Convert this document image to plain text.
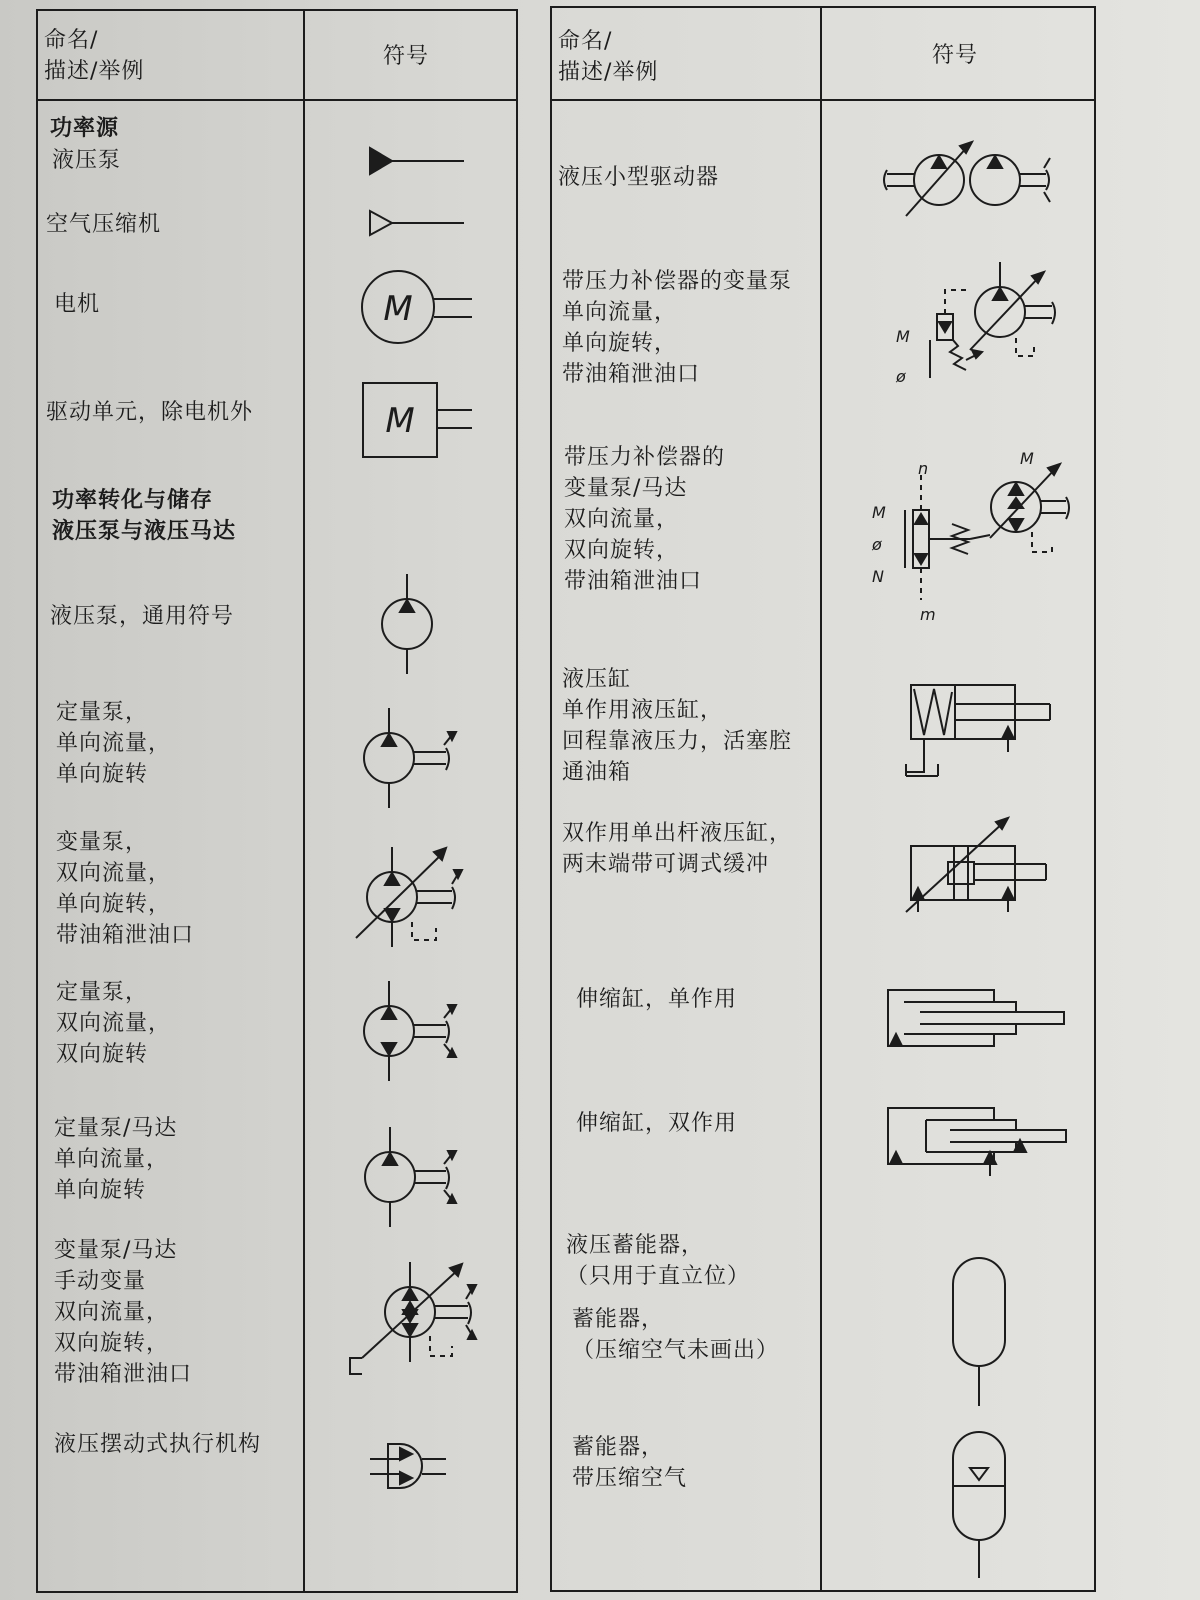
命名/
描述/举例
符号
功率源
液压泵
空气压缩机
电机
驱动单元，除电机外
功率转化与储存
液压泵与液压马达
液压泵，通用符号
定量泵，
单向流量，
单向旋转
变量泵，
双向流量，
单向旋转，
带油箱泄油口
定量泵，
双向流量，
双向旋转
定量泵/马达
单向流量，
单向旋转
变量泵/马达
手动变量
双向流量，
双向旋转，
带油箱泄油口
液压摆动式执行机构
M
M
命名/
描述/举例
符号
液压小型驱动器
带压力补偿器的变量泵
单向流量，
单向旋转，
带油箱泄油口
带压力补偿器的
变量泵/马达
双向流量，
双向旋转，
带油箱泄油口
液压缸
单作用液压缸，
回程靠液压力，活塞腔
通油箱
双作用单出杆液压缸，
两末端带可调式缓冲
伸缩缸，单作用
伸缩缸，双作用
液压蓄能器，
（只用于直立位）
蓄能器，
（压缩空气未画出）
蓄能器，
带压缩空气
M
ø
n
M
M
ø
N
m
